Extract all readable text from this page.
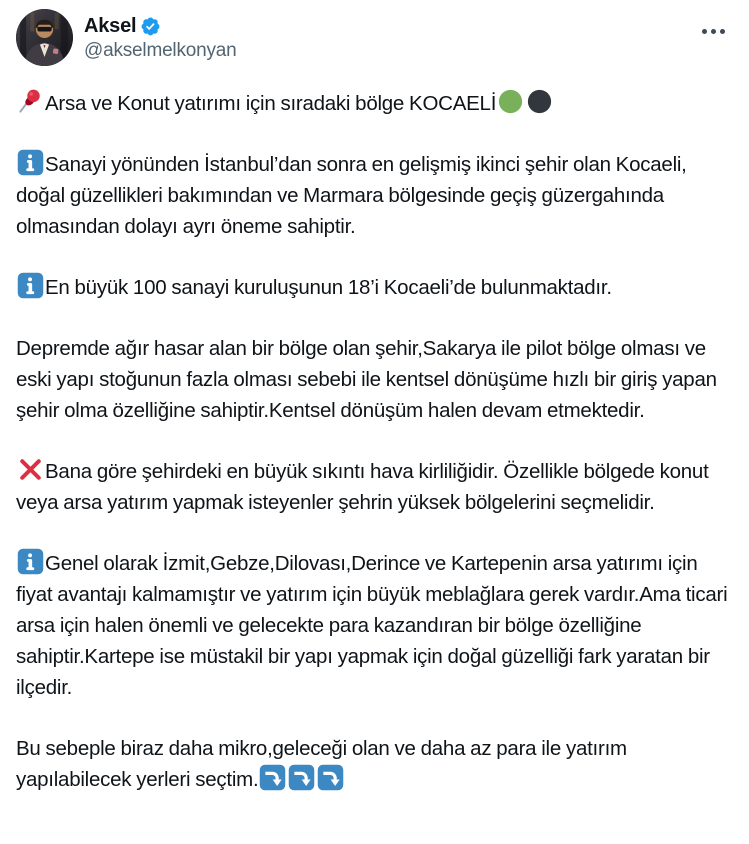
Aksel
@akselmelkonyan

Arsa ve Konut yatırımı için sıradaki bölge KOCAELİ

Sanayi yönünden İstanbul’dan sonra en gelişmiş ikinci şehir olan Kocaeli, doğal güzellikleri bakımından ve Marmara bölgesinde geçiş güzergahında olmasından dolayı ayrı öneme sahiptir.

En büyük 100 sanayi kuruluşunun 18’i Kocaeli’de bulunmaktadır.

Depremde ağır hasar alan bir bölge olan şehir,Sakarya ile pilot bölge olması ve eski yapı stoğunun fazla olması sebebi ile kentsel dönüşüme hızlı bir giriş yapan şehir olma özelliğine sahiptir.Kentsel dönüşüm halen devam etmektedir.

Bana göre şehirdeki en büyük sıkıntı hava kirliliğidir. Özellikle bölgede konut veya arsa yatırım yapmak isteyenler şehrin yüksek bölgelerini seçmelidir.

Genel olarak İzmit,Gebze,Dilovası,Derince ve Kartepenin arsa yatırımı için fiyat avantajı kalmamıştır ve yatırım için büyük meblağlara gerek vardır.Ama ticari arsa için halen önemli ve gelecekte para kazandıran bir bölge özelliğine sahiptir.Kartepe ise müstakil bir yapı yapmak için doğal güzelliği fark yaratan bir ilçedir.

Bu sebeple biraz daha mikro,geleceği olan ve daha az para ile yatırım yapılabilecek yerleri seçtim.
